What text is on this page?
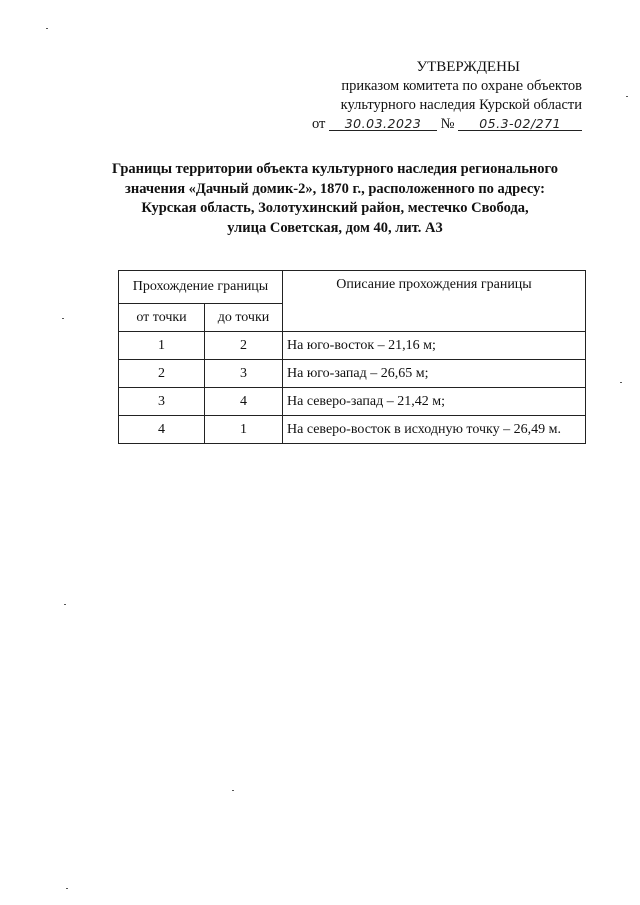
УТВЕРЖДЕНЫ
приказом комитета по охране объектов
культурного наследия Курской области
от 30.03.2023 № 05.3-02/271
Границы территории объекта культурного наследия регионального
значения «Дачный домик-2», 1870 г., расположенного по адресу:
Курская область, Золотухинский район, местечко Свобода,
улица Советская, дом 40, лит. А3
Прохождение границы		Описание прохождения границы
от точки	до точки	
1	2	На юго-восток – 21,16 м;
2	3	На юго-запад – 26,65 м;
3	4	На северо-запад – 21,42 м;
4	1	На северо-восток в исходную точку – 26,49 м.
